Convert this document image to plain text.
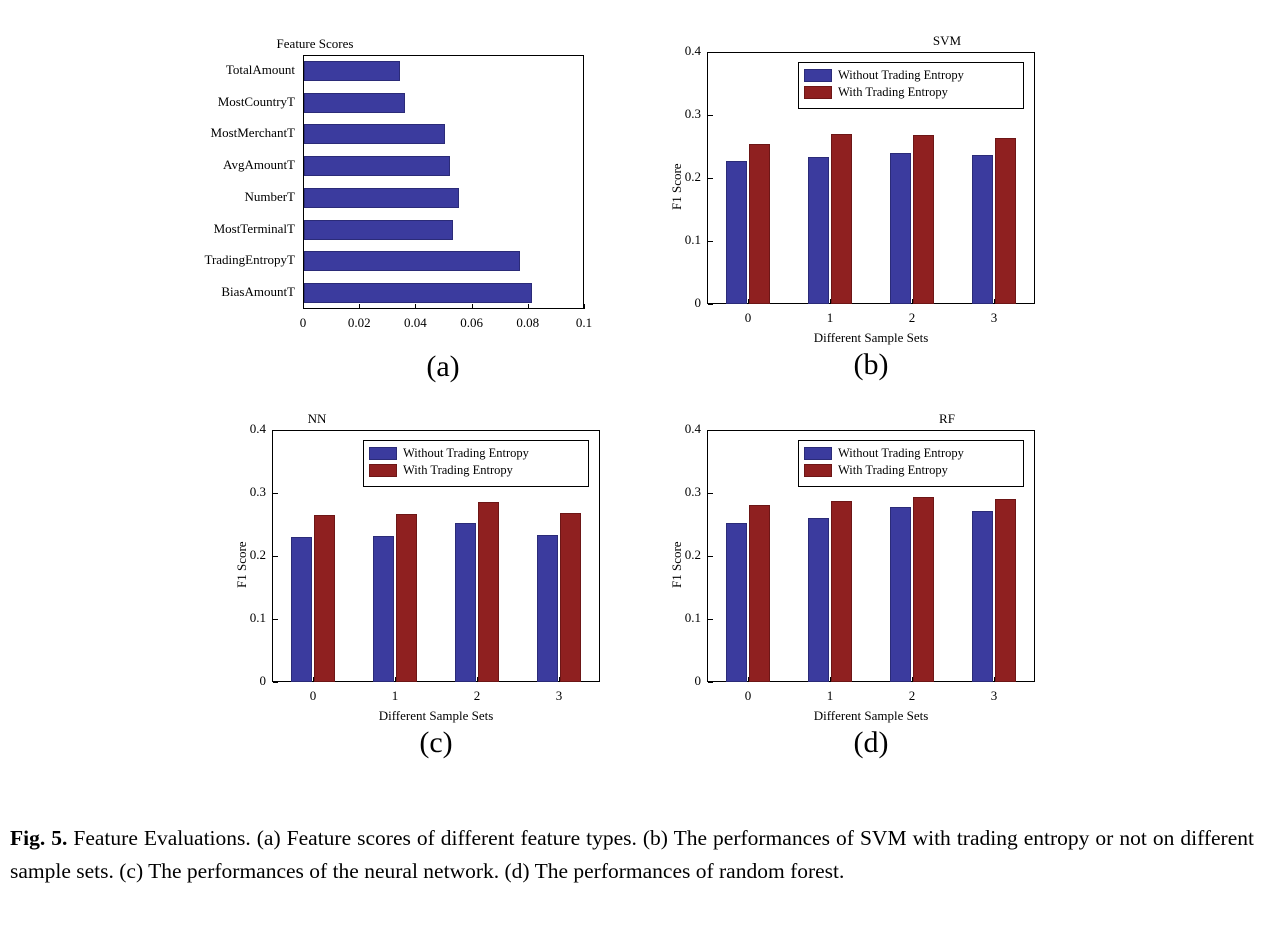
Feature Scores
TotalAmount
MostCountryT
MostMerchantT
AvgAmountT
NumberT
MostTerminalT
TradingEntropyT
BiasAmountT
0	0.02	0.04	0.06	0.08	0.1
(a)
SVM
0
0.1
0.2
0.3
0.4
0	1	2	3
Different Sample Sets
F1 Score
Without Trading Entropy
With Trading Entropy
(b)
NN
0
0.1
0.2
0.3
0.4
0	1	2	3
Different Sample Sets
F1 Score
Without Trading Entropy
With Trading Entropy
(c)
RF
0
0.1
0.2
0.3
0.4
0	1	2	3
Different Sample Sets
F1 Score
Without Trading Entropy
With Trading Entropy
(d)
Fig. 5. Feature Evaluations. (a) Feature scores of different feature types. (b) The performances of SVM with trading entropy or not on different sample sets. (c) The performances of the neural network. (d) The performances of random forest.
